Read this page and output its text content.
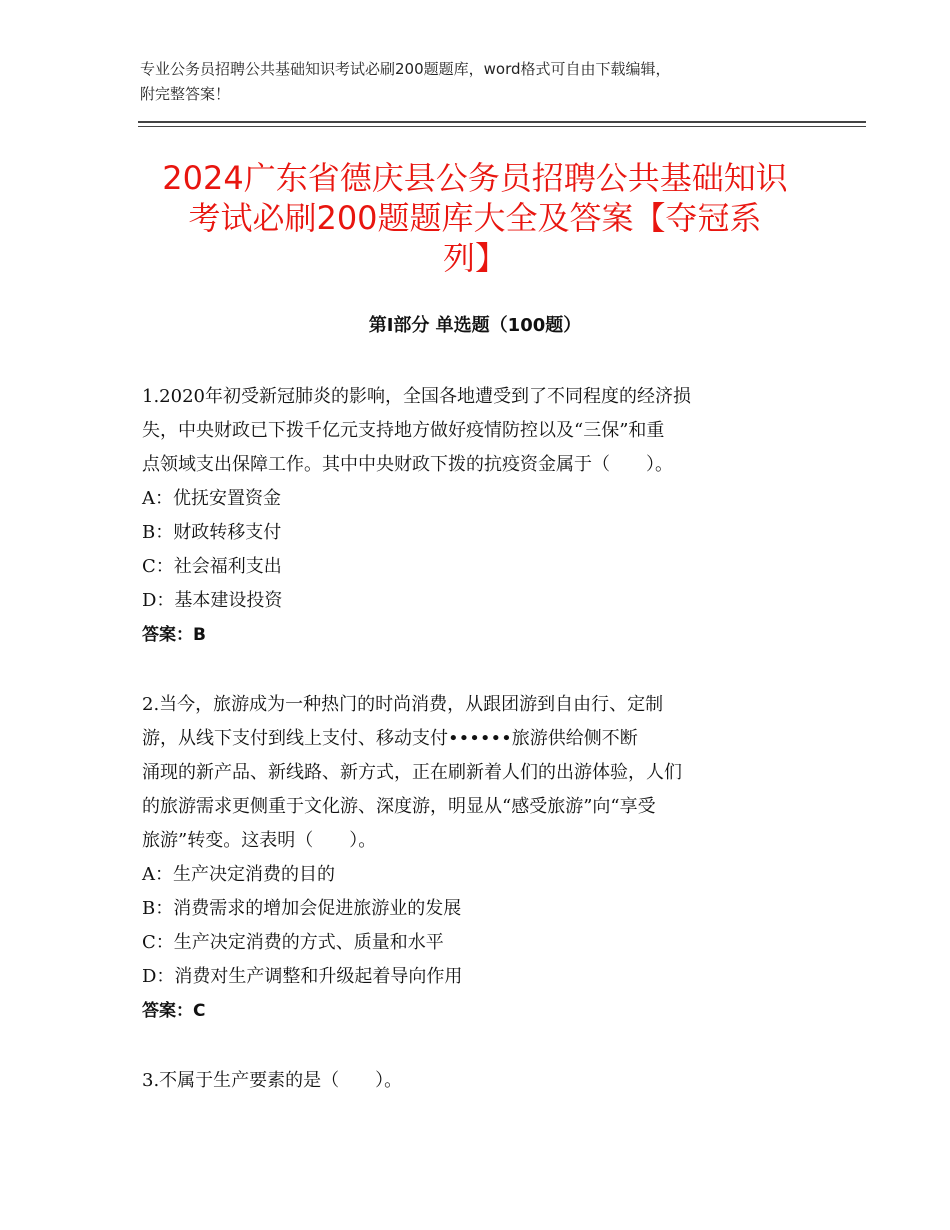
专业公务员招聘公共基础知识考试必刷200题题库，word格式可自由下载编辑，
附完整答案！
2024广东省德庆县公务员招聘公共基础知识
考试必刷200题题库大全及答案【夺冠系
列】
第I部分 单选题（100题）
1.2020年初受新冠肺炎的影响，全国各地遭受到了不同程度的经济损
失，中央财政已下拨千亿元支持地方做好疫情防控以及“三保”和重
点领域支出保障工作。其中中央财政下拨的抗疫资金属于（　　）。
A：优抚安置资金
B：财政转移支付
C：社会福利支出
D：基本建设投资
答案：B
2.当今，旅游成为一种热门的时尚消费，从跟团游到自由行、定制
游，从线下支付到线上支付、移动支付••••••旅游供给侧不断
涌现的新产品、新线路、新方式，正在刷新着人们的出游体验，人们
的旅游需求更侧重于文化游、深度游，明显从“感受旅游”向“享受
旅游”转变。这表明（　　）。
A：生产决定消费的目的
B：消费需求的增加会促进旅游业的发展
C：生产决定消费的方式、质量和水平
D：消费对生产调整和升级起着导向作用
答案：C
3.不属于生产要素的是（　　）。
